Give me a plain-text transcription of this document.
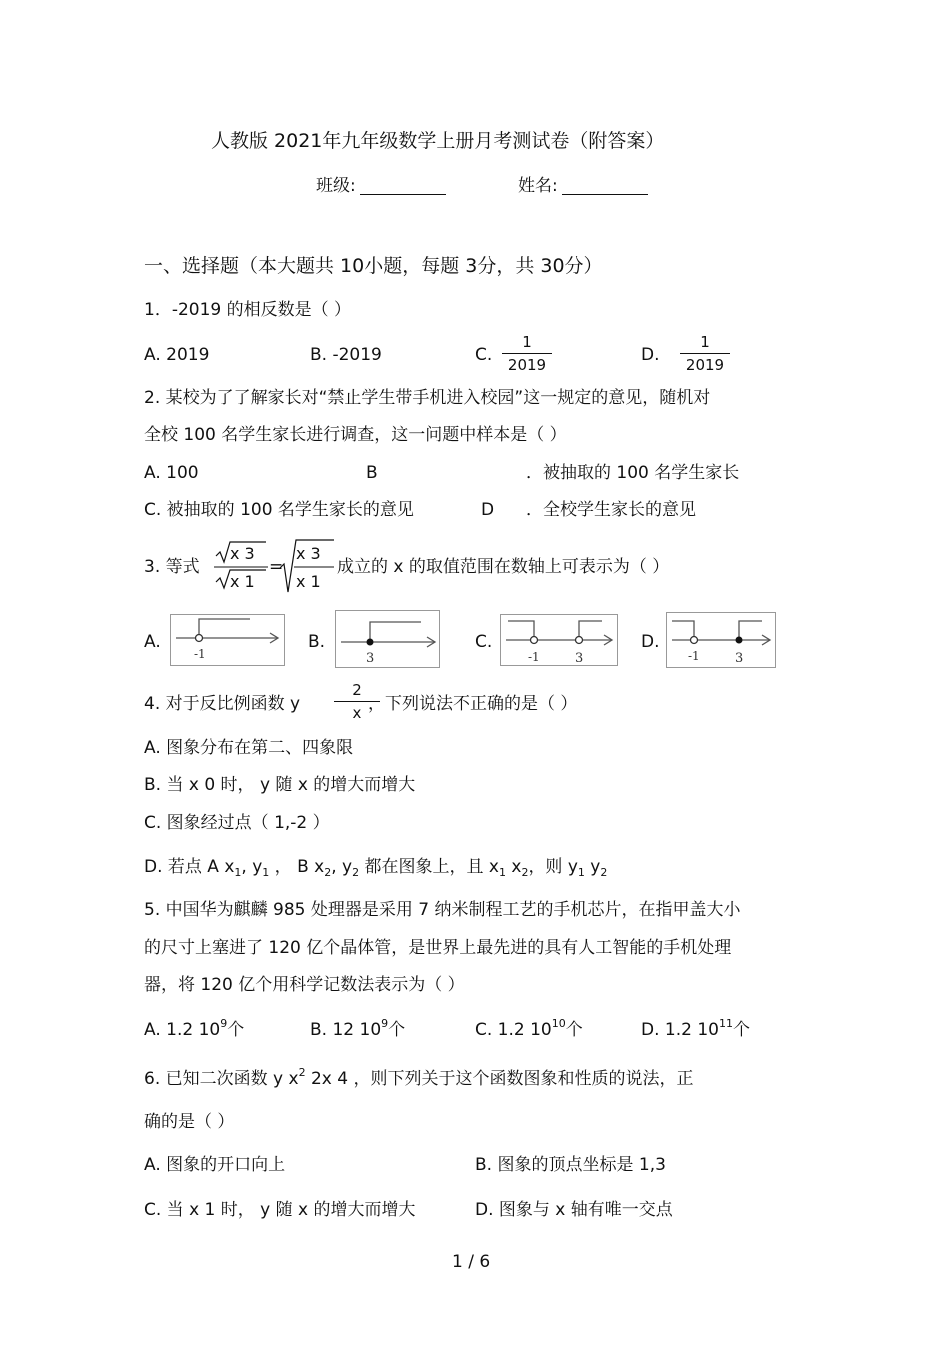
人教版 2021年九年级数学上册月考测试卷（附答案）
班级:	姓名:
一、选择题（本大题共 10小题，每题 3分，共 30分）
1．-2019 的相反数是（ ）
A. 2019	B. -2019	C.
1
2019	D.
1
2019
2. 某校为了了解家长对“禁止学生带手机进入校园”这一规定的意见，随机对
全校 100 名学生家长进行调查，这一问题中样本是（ ）
A. 100	B	．被抽取的 100 名学生家长
C. 被抽取的 100 名学生家长的意见	D ．全校学生家长的意见
3. 等式
x 3
x 1
=
x 3
x 1
成立的 x 的取值范围在数轴上可表示为（ ）
A.
-1
B.
3
C.
-1	3
D.
-1	3
4. 对于反比例函数 y
2
x ，下列说法不正确的是（ ）
A. 图象分布在第二、四象限
B. 当 x 0 时， y 随 x 的增大而增大
C. 图象经过点（ 1,-2 ）
D. 若点 A $x_1$, $y_1$ ， B $x_2$, $y_2$ 都在图象上，且 $x_1$ $x_2$，则 $y_1$ $y_2$
5. 中国华为麒麟 985 处理器是采用 7 纳米制程工艺的手机芯片，在指甲盖大小
的尺寸上塞进了 120 亿个晶体管，是世界上最先进的具有人工智能的手机处理
器，将 120 亿个用科学记数法表示为（ ）
A. 1.2 $10^9$个	B. 12 $10^9$个	C. 1.2 $10^{10}$个	D. 1.2 $10^{11}$个
6. 已知二次函数 y $x^2$ 2x 4 ，则下列关于这个函数图象和性质的说法，正
确的是（ ）
A. 图象的开口向上	B. 图象的顶点坐标是 1,3
C. 当 x 1 时， y 随 x 的增大而增大	D. 图象与 x 轴有唯一交点
1 / 6
